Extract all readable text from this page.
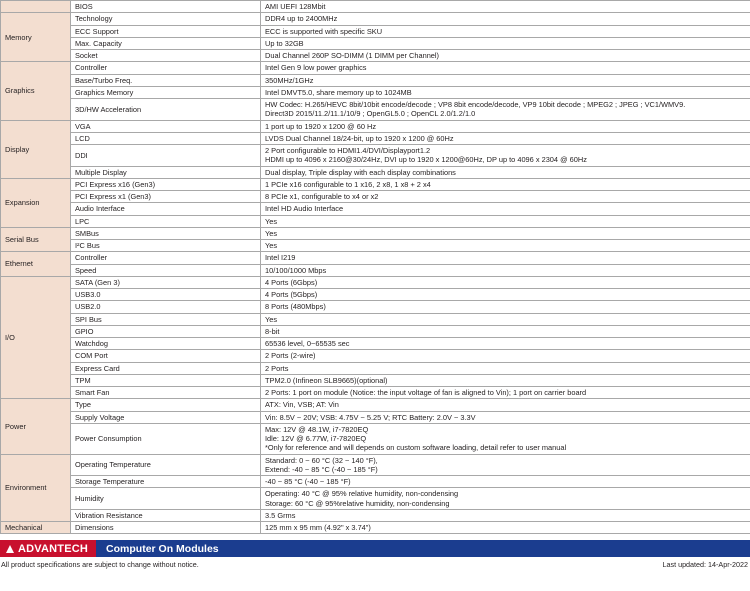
	BIOS	AMI UEFI 128Mbit
Memory	Technology	DDR4 up to 2400MHz
	ECC Support	ECC is supported with specific SKU
	Max. Capacity	Up to 32GB
	Socket	Dual Channel 260P SO-DIMM (1 DIMM per Channel)
Graphics	Controller	Intel Gen 9 low power graphics
	Base/Turbo Freq.	350MHz/1GHz
	Graphics Memory	Intel DMVT5.0, share memory up to 1024MB
	3D/HW Acceleration	HW Codec: H.265/HEVC 8bit/10bit encode/decode ; VP8 8bit encode/decode, VP9 10bit decode ; MPEG2 ; JPEG ; VC1/WMV9.
Direct3D 2015/11.2/11.1/10/9 ; OpenGL5.0 ; OpenCL 2.0/1.2/1.0
Display	VGA	1 port up to 1920 x 1200 @ 60 Hz
	LCD	LVDS Dual Channel 18/24-bit, up to 1920 x 1200 @ 60Hz
	DDI	2 Port configurable to HDMI1.4/DVI/Displayport1.2
HDMI up to 4096 x 2160@30/24Hz, DVI up to 1920 x 1200@60Hz, DP up to 4096 x 2304 @ 60Hz
	Multiple Display	Dual display, Triple display with each display combinations
Expansion	PCI Express x16 (Gen3)	1 PCIe x16 configurable to 1 x16, 2 x8, 1 x8 + 2 x4
	PCI Express x1 (Gen3)	8 PCIe x1, configurable to x4 or x2
	Audio Interface	Intel HD Audio Interface
	LPC	Yes
Serial Bus	SMBus	Yes
	I²C Bus	Yes
Ethernet	Controller	Intel I219
	Speed	10/100/1000 Mbps
I/O	SATA (Gen 3)	4 Ports (6Gbps)
	USB3.0	4 Ports (5Gbps)
	USB2.0	8 Ports (480Mbps)
	SPI Bus	Yes
	GPIO	8-bit
	Watchdog	65536 level, 0~65535 sec
	COM Port	2 Ports (2-wire)
	Express Card	2 Ports
	TPM	TPM2.0 (Infineon SLB9665)(optional)
	Smart Fan	2 Ports: 1 port on module (Notice: the input voltage of fan is aligned to Vin); 1 port on carrier board
Power	Type	ATX: Vin, VSB; AT: Vin
	Supply Voltage	Vin: 8.5V ~ 20V; VSB: 4.75V ~ 5.25 V; RTC Battery: 2.0V ~ 3.3V
	Power Consumption	Max: 12V @ 48.1W, i7-7820EQ
Idle: 12V @ 6.77W, i7-7820EQ
*Only for reference and will depends on custom software loading, detail refer to user manual
Environment	Operating Temperature	Standard: 0 ~ 60 °C (32 ~ 140 °F),
Extend: -40 ~ 85 °C (-40 ~ 185 °F)
	Storage Temperature	-40 ~ 85 °C (-40 ~ 185 °F)
	Humidity	Operating: 40 °C @ 95% relative humidity, non-condensing
Storage: 60 °C @ 95%relative humidity, non-condensing
	Vibration Resistance	3.5 Grms
Mechanical	Dimensions	125 mm x 95 mm (4.92" x 3.74")
ADVANTECH	Computer On Modules
All product specifications are subject to change without notice.	Last updated: 14-Apr-2022
